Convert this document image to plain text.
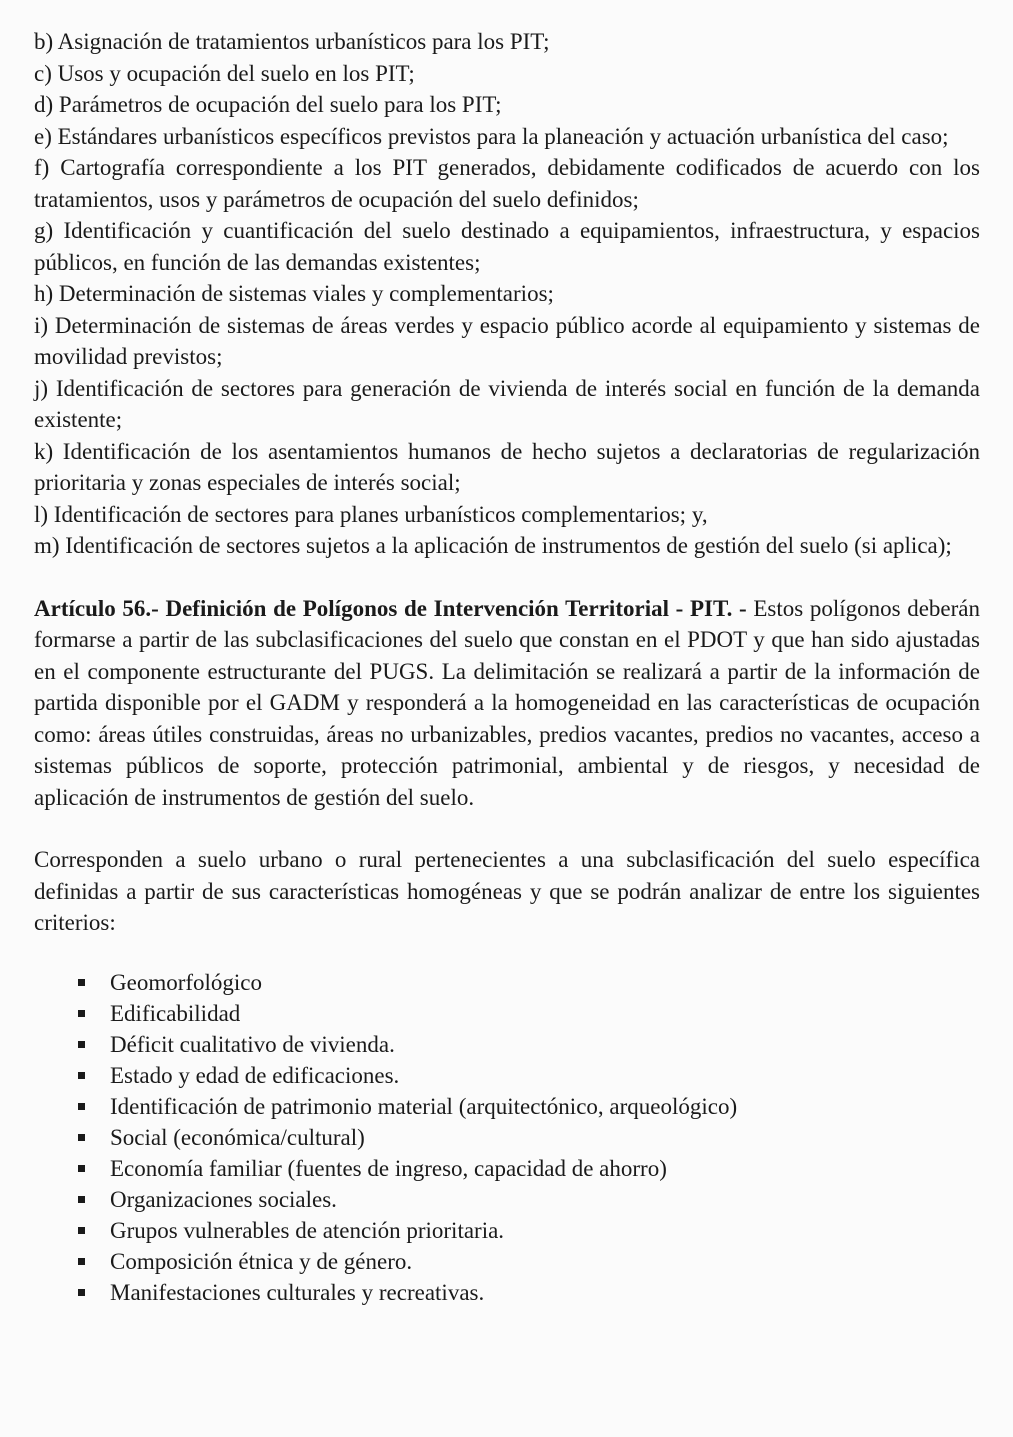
b) Asignación de tratamientos urbanísticos para los PIT;

c) Usos y ocupación del suelo en los PIT;

d) Parámetros de ocupación del suelo para los PIT;

e) Estándares urbanísticos específicos previstos para la planeación y actuación urbanística del caso;

f) Cartografía correspondiente a los PIT generados, debidamente codificados de acuerdo con los tratamientos, usos y parámetros de ocupación del suelo definidos;

g) Identificación y cuantificación del suelo destinado a equipamientos, infraestructura, y espacios públicos, en función de las demandas existentes;

h) Determinación de sistemas viales y complementarios;

i) Determinación de sistemas de áreas verdes y espacio público acorde al equipamiento y sistemas de movilidad previstos;

j) Identificación de sectores para generación de vivienda de interés social en función de la demanda existente;

k) Identificación de los asentamientos humanos de hecho sujetos a declaratorias de regularización prioritaria y zonas especiales de interés social;

l) Identificación de sectores para planes urbanísticos complementarios; y,

m) Identificación de sectores sujetos a la aplicación de instrumentos de gestión del suelo (si aplica);

Artículo 56.- Definición de Polígonos de Intervención Territorial - PIT. - Estos polígonos deberán formarse a partir de las subclasificaciones del suelo que constan en el PDOT y que han sido ajustadas en el componente estructurante del PUGS. La delimitación se realizará a partir de la información de partida disponible por el GADM y responderá a la homogeneidad en las características de ocupación como: áreas útiles construidas, áreas no urbanizables, predios vacantes, predios no vacantes, acceso a sistemas públicos de soporte, protección patrimonial, ambiental y de riesgos, y necesidad de aplicación de instrumentos de gestión del suelo.

Corresponden a suelo urbano o rural pertenecientes a una subclasificación del suelo específica definidas a partir de sus características homogéneas y que se podrán analizar de entre los siguientes criterios:

Geomorfológico
Edificabilidad
Déficit cualitativo de vivienda.
Estado y edad de edificaciones.
Identificación de patrimonio material (arquitectónico, arqueológico)
Social (económica/cultural)
Economía familiar (fuentes de ingreso, capacidad de ahorro)
Organizaciones sociales.
Grupos vulnerables de atención prioritaria.
Composición étnica y de género.
Manifestaciones culturales y recreativas.
